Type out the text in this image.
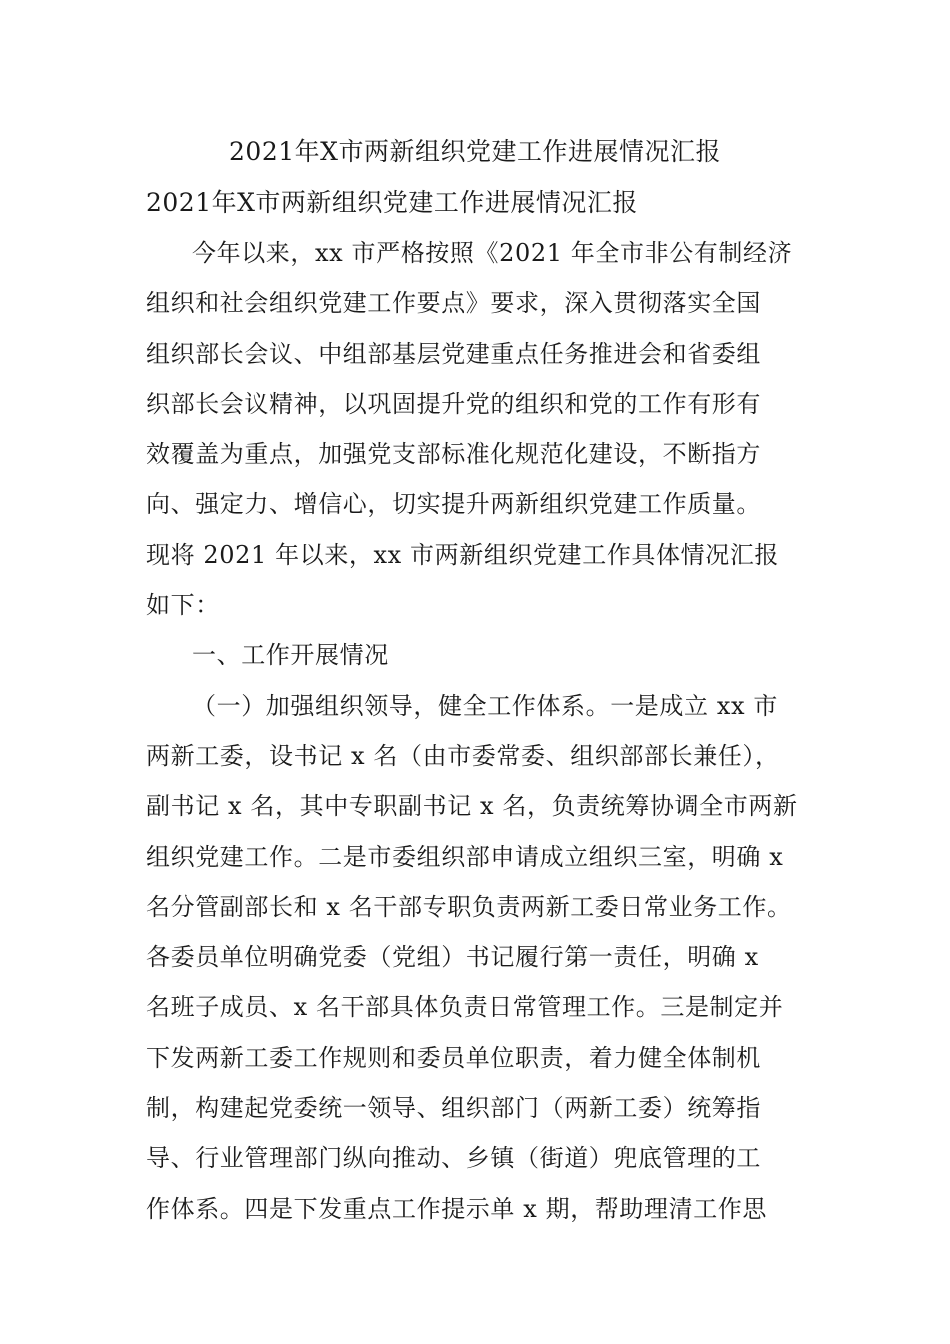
2021年X市两新组织党建工作进展情况汇报
2021年X市两新组织党建工作进展情况汇报
今年以来，xx 市严格按照《2021 年全市非公有制经济
组织和社会组织党建工作要点》要求，深入贯彻落实全国
组织部长会议、中组部基层党建重点任务推进会和省委组
织部长会议精神，以巩固提升党的组织和党的工作有形有
效覆盖为重点，加强党支部标准化规范化建设，不断指方
向、强定力、增信心，切实提升两新组织党建工作质量。
现将 2021 年以来，xx 市两新组织党建工作具体情况汇报
如下：
一、工作开展情况
（一）加强组织领导，健全工作体系。一是成立 xx 市
两新工委，设书记 x 名（由市委常委、组织部部长兼任），
副书记 x 名，其中专职副书记 x 名，负责统筹协调全市两新
组织党建工作。二是市委组织部申请成立组织三室，明确 x
名分管副部长和 x 名干部专职负责两新工委日常业务工作。
各委员单位明确党委（党组）书记履行第一责任，明确 x
名班子成员、x 名干部具体负责日常管理工作。三是制定并
下发两新工委工作规则和委员单位职责，着力健全体制机
制，构建起党委统一领导、组织部门（两新工委）统筹指
导、行业管理部门纵向推动、乡镇（街道）兜底管理的工
作体系。四是下发重点工作提示单 x 期，帮助理清工作思
